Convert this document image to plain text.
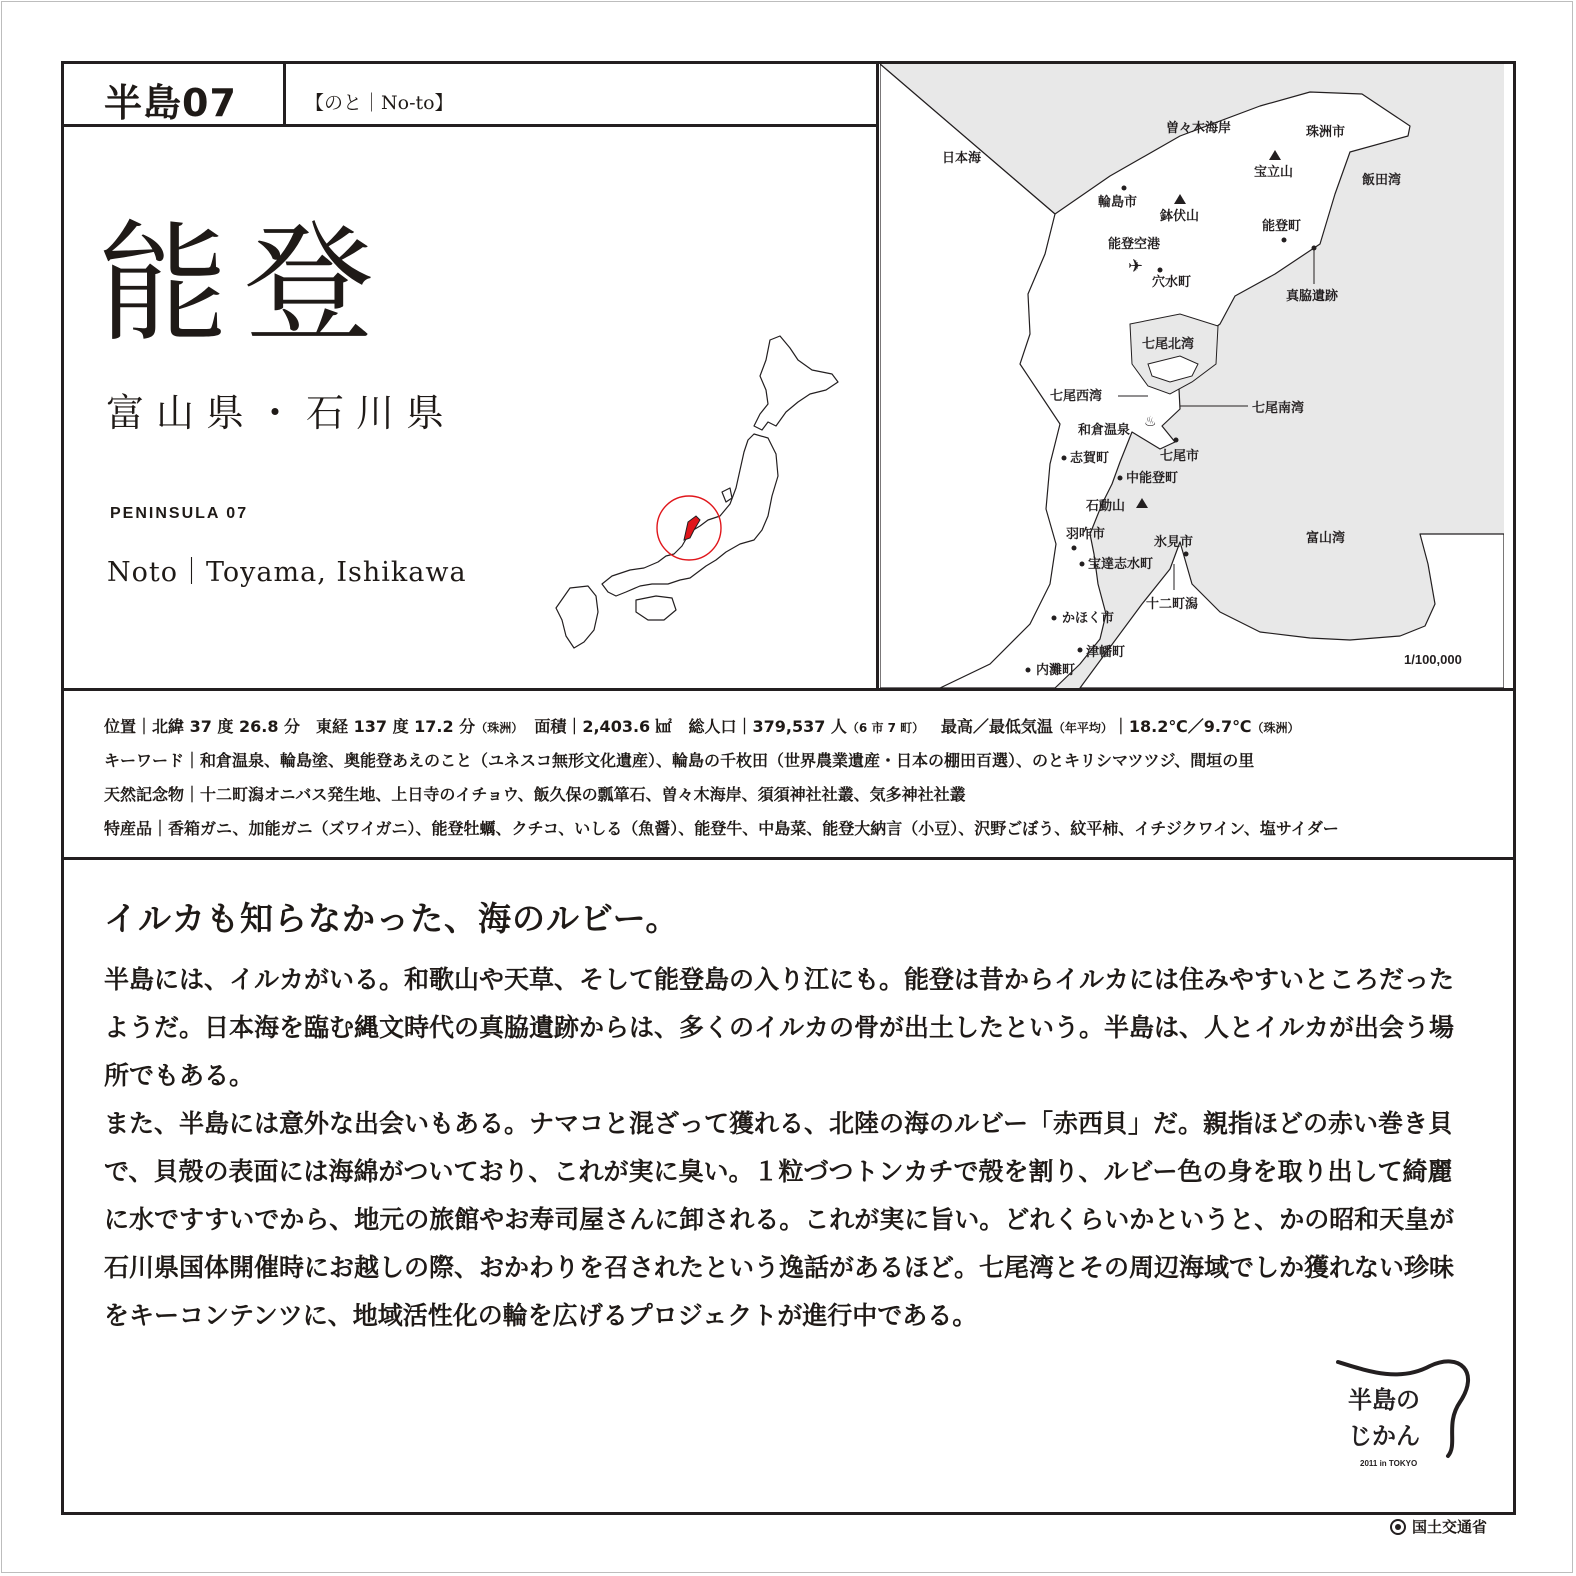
半島07	【のと｜No-to】
能登
富山県・石川県
PENINSULA 07
Noto｜Toyama, Ishikawa
日本海
曽々木海岸	珠洲市
宝立山
飯田湾
輪島市
鉢伏山
能登町
真脇遺跡
能登空港
✈
穴水町
七尾北湾
七尾西湾
七尾南湾
和倉温泉
♨
七尾市
志賀町
中能登町
石動山
羽咋市
氷見市	富山湾
宝達志水町
十二町潟
かほく市
津幡町
内灘町
1/100,000
位置｜北緯 37 度 26.8 分　東経 137 度 17.2 分（珠洲） 面積｜2,403.6 ㎢ 総人口｜379,537 人（6 市 7 町） 最高／最低気温（年平均）｜18.2℃／9.7℃（珠洲）
キーワード｜和倉温泉、輪島塗、奥能登あえのこと（ユネスコ無形文化遺産）、輪島の千枚田（世界農業遺産・日本の棚田百選）、のとキリシマツツジ、間垣の里
天然記念物｜十二町潟オニバス発生地、上日寺のイチョウ、飯久保の瓢箪石、曽々木海岸、須須神社社叢、気多神社社叢
特産品｜香箱ガニ、加能ガニ（ズワイガニ）、能登牡蠣、クチコ、いしる（魚醤）、能登牛、中島菜、能登大納言（小豆）、沢野ごぼう、紋平柿、イチジクワイン、塩サイダー
イルカも知らなかった、海のルビー。

半島には、イルカがいる。和歌山や天草、そして能登島の入り江にも。能登は昔からイルカには住みやすいところだったようだ。日本海を臨む縄文時代の真脇遺跡からは、多くのイルカの骨が出土したという。半島は、人とイルカが出会う場所でもある。

また、半島には意外な出会いもある。ナマコと混ざって獲れる、北陸の海のルビー「赤西貝」だ。親指ほどの赤い巻き貝で、貝殻の表面には海綿がついており、これが実に臭い。１粒づつトンカチで殻を割り、ルビー色の身を取り出して綺麗に水ですすいでから、地元の旅館やお寿司屋さんに卸される。これが実に旨い。どれくらいかというと、かの昭和天皇が石川県国体開催時にお越しの際、おかわりを召されたという逸話があるほど。七尾湾とその周辺海域でしか獲れない珍味をキーコンテンツに、地域活性化の輪を広げるプロジェクトが進行中である。

半島の
じかん
2011 in TOKYO
国土交通省
